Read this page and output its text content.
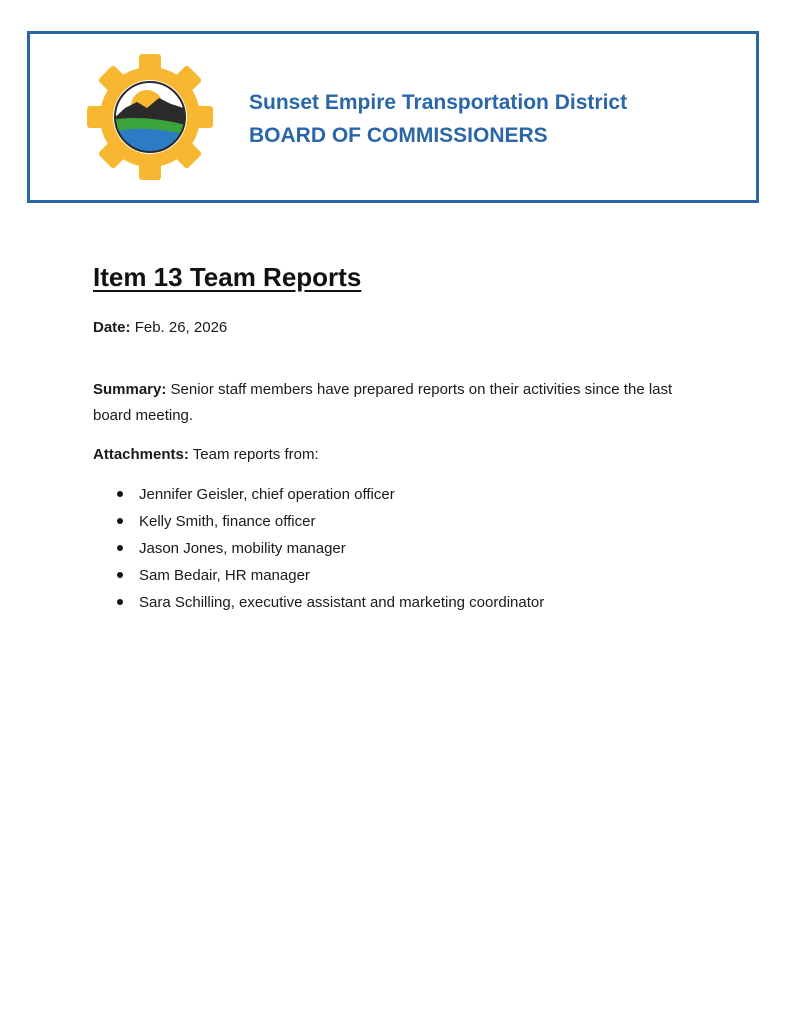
Sunset Empire Transportation District
BOARD OF COMMISSIONERS
Item 13 Team Reports

Date: Feb. 26, 2026

Summary: Senior staff members have prepared reports on their activities since the last board meeting.

Attachments: Team reports from:

Jennifer Geisler, chief operation officer
Kelly Smith, finance officer
Jason Jones, mobility manager
Sam Bedair, HR manager
Sara Schilling, executive assistant and marketing coordinator
